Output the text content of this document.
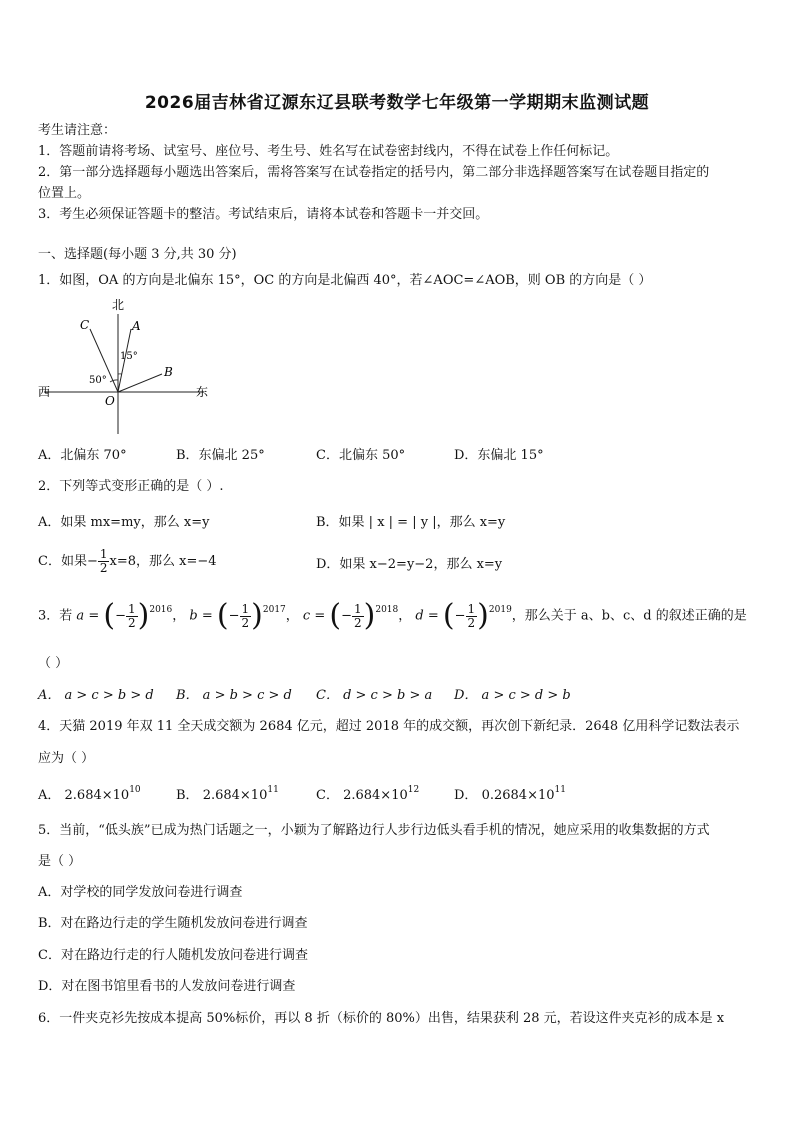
2026届吉林省辽源东辽县联考数学七年级第一学期期末监测试题
考生请注意：
1．答题前请将考场、试室号、座位号、考生号、姓名写在试卷密封线内，不得在试卷上作任何标记。
2．第一部分选择题每小题选出答案后，需将答案写在试卷指定的括号内，第二部分非选择题答案写在试卷题目指定的
位置上。
3．考生必须保证答题卡的整洁。考试结束后，请将本试卷和答题卡一并交回。
一、选择题(每小题 3 分,共 30 分)
1．如图，OA 的方向是北偏东 15°，OC 的方向是北偏西 40°，若∠AOC=∠AOB，则 OB 的方向是（ ）
北
西	东
O
A
B
C
15°
50°
A．北偏东 70°	B．东偏北 25°	C．北偏东 50°	D．东偏北 15°
2．下列等式变形正确的是（ ）.
A．如果 mx=my，那么 x=y	B．如果 | x | = | y |，那么 x=y
C．如果− $\frac{1}{2} x=8$，那么 x=−4	D．如果 x−2=y−2，那么 x=y
3．若 a = (− $\frac{1}{2} )^{2016}$， b = (− $\frac{1}{2} )^{2017}$， c = (− $\frac{1}{2} )^{2018}$， d = (− $\frac{1}{2} )^{2019}$，那么关于 a、b、c、d 的叙述正确的是
（ ）
A． a > c > b > d B． a > b > c > d C． d > c > b > a D． a > c > d > b
4．天猫 2019 年双 11 全天成交额为 2684 亿元，超过 2018 年的成交额，再次创下新纪录．2648 亿用科学记数法表示
应为（ ）
A． $2.684\times 10^{10}$	B． $2.684\times 10^{11}$	C． $2.684\times 10^{12}$	D． $0.2684\times 10^{11}$
5．当前，“低头族”已成为热门话题之一，小颖为了解路边行人步行边低头看手机的情况，她应采用的收集数据的方式
是（ ）
A．对学校的同学发放问卷进行调查
B．对在路边行走的学生随机发放问卷进行调查
C．对在路边行走的行人随机发放问卷进行调查
D．对在图书馆里看书的人发放问卷进行调查
6．一件夹克衫先按成本提高 50%标价，再以 8 折（标价的 80%）出售，结果获利 28 元，若设这件夹克衫的成本是 x
